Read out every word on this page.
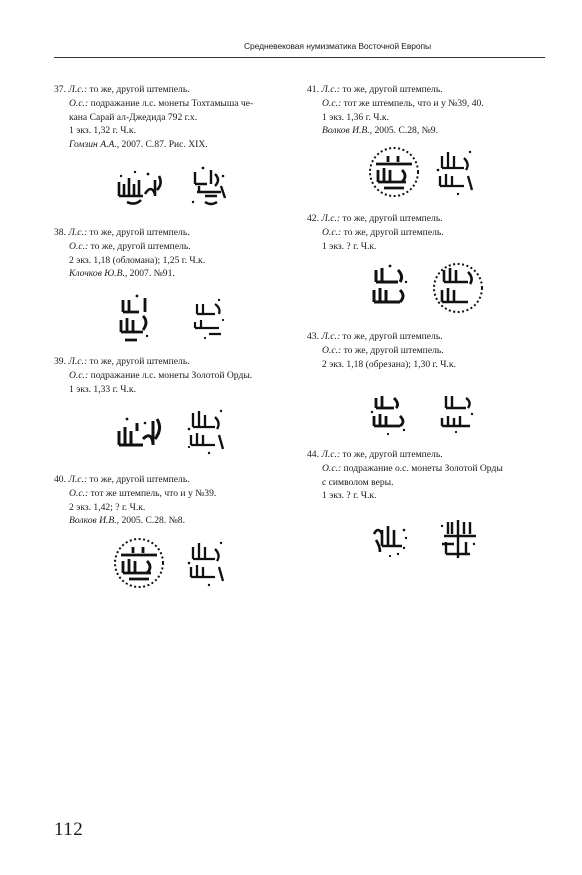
Средневековая нумизматика Восточной Европы
37. Л.с.: то же, другой штемпель.
О.с.: подражание л.с. монеты Тохтамыша че-
кана Сарай ал-Джедида 792 г.х.
1 экз. 1,32 г. Ч.к.
Гомзин А.А., 2007. С.87. Рис. XIX.
38. Л.с.: то же, другой штемпель.
О.с.: то же, другой штемпель.
2 экз. 1,18 (обломана); 1,25 г. Ч.к.
Клочков Ю.В., 2007. №91.
39. Л.с.: то же, другой штемпель.
О.с.: подражание л.с. монеты Золотой Орды.
1 экз. 1,33 г. Ч.к.
40. Л.с.: то же, другой штемпель.
О.с.: тот же штемпель, что и у №39.
2 экз. 1,42; ? г. Ч.к.
Волков И.В., 2005. С.28. №8.
41. Л.с.: то же, другой штемпель.
О.с.: тот же штемпель, что и у №39, 40.
1 экз. 1,36 г. Ч.к.
Волков И.В., 2005. С.28, №9.
42. Л.с.: то же, другой штемпель.
О.с.: то же, другой штемпель.
1 экз. ? г. Ч.к.
43. Л.с.: то же, другой штемпель.
О.с.: то же, другой штемпель.
2 экз. 1,18 (обрезана); 1,30 г. Ч.к.
44. Л.с.: то же, другой штемпель.
О.с.: подражание о.с. монеты Золотой Орды
с символом веры.
1 экз. ? г. Ч.к.
112
